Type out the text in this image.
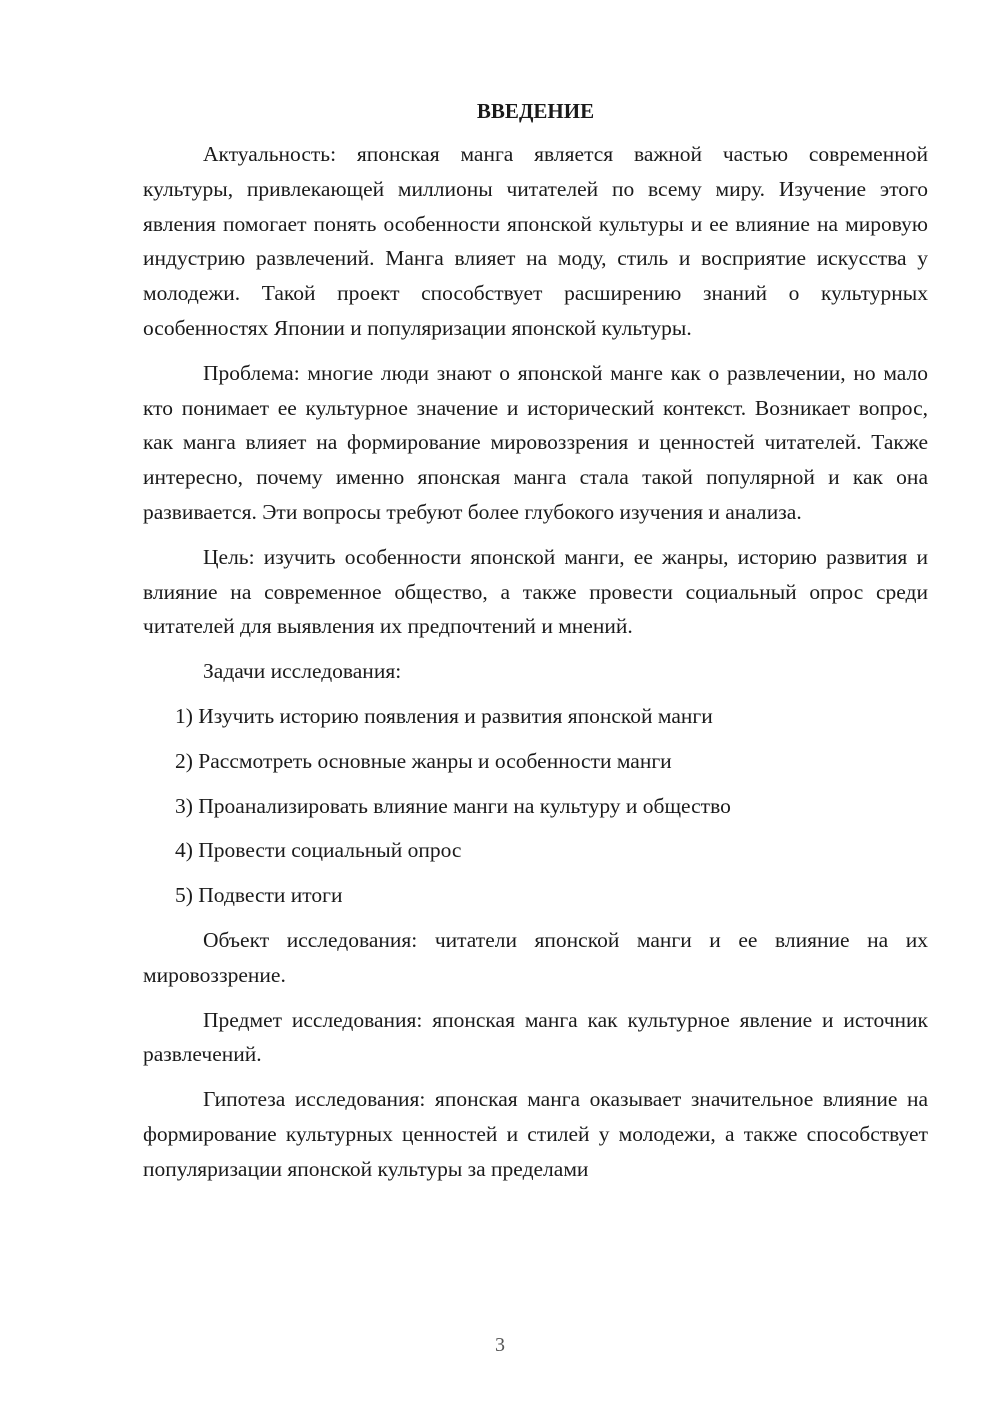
ВВЕДЕНИЕ

Актуальность: японская манга является важной частью современной культуры, привлекающей миллионы читателей по всему миру. Изучение этого явления помогает понять особенности японской культуры и ее влияние на мировую индустрию развлечений. Манга влияет на моду, стиль и восприятие искусства у молодежи. Такой проект способствует расширению знаний о культурных особенностях Японии и популяризации японской культуры.

Проблема: многие люди знают о японской манге как о развлечении, но мало кто понимает ее культурное значение и исторический контекст. Возникает вопрос, как манга влияет на формирование мировоззрения и ценностей читателей. Также интересно, почему именно японская манга стала такой популярной и как она развивается. Эти вопросы требуют более глубокого изучения и анализа.

Цель: изучить особенности японской манги, ее жанры, историю развития и влияние на современное общество, а также провести социальный опрос среди читателей для выявления их предпочтений и мнений.

Задачи исследования:
1) Изучить историю появления и развития японской манги
2) Рассмотреть основные жанры и особенности манги
3) Проанализировать влияние манги на культуру и общество
4) Провести социальный опрос
5) Подвести итоги

Объект исследования: читатели японской манги и ее влияние на их мировоззрение.

Предмет исследования: японская манга как культурное явление и источник развлечений.

Гипотеза исследования: японская манга оказывает значительное влияние на формирование культурных ценностей и стилей у молодежи, а также способствует популяризации японской культуры за пределами

3
